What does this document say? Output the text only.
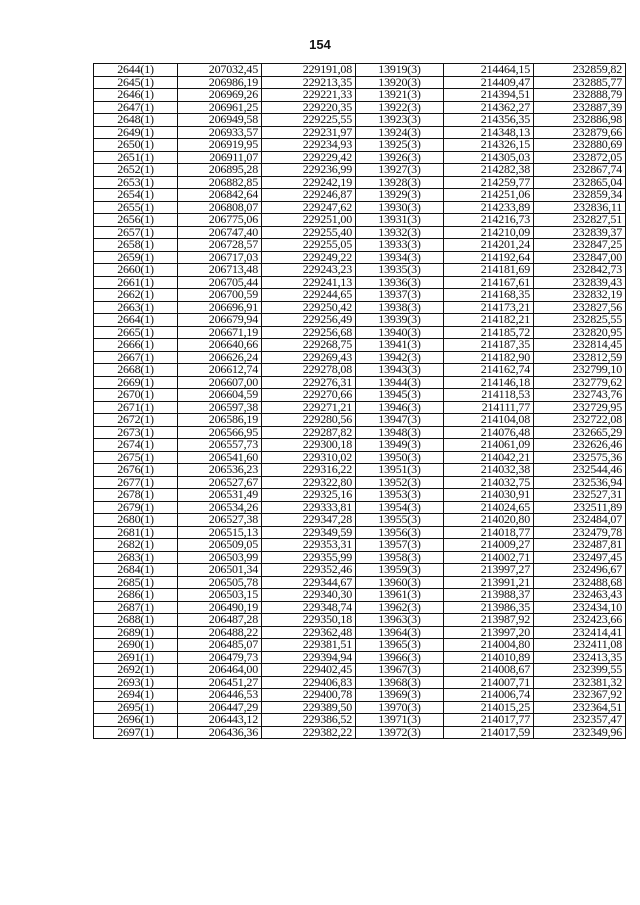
154
2644(1)	207032,45	229191,08	13919(3)	214464,15	232859,82
2645(1)	206986,19	229213,35	13920(3)	214409,47	232885,77
2646(1)	206969,26	229221,33	13921(3)	214394,51	232888,79
2647(1)	206961,25	229220,35	13922(3)	214362,27	232887,39
2648(1)	206949,58	229225,55	13923(3)	214356,35	232886,98
2649(1)	206933,57	229231,97	13924(3)	214348,13	232879,66
2650(1)	206919,95	229234,93	13925(3)	214326,15	232880,69
2651(1)	206911,07	229229,42	13926(3)	214305,03	232872,05
2652(1)	206895,28	229236,99	13927(3)	214282,38	232867,74
2653(1)	206882,85	229242,19	13928(3)	214259,77	232865,04
2654(1)	206842,64	229246,87	13929(3)	214251,06	232859,34
2655(1)	206808,07	229247,62	13930(3)	214233,89	232836,11
2656(1)	206775,06	229251,00	13931(3)	214216,73	232827,51
2657(1)	206747,40	229255,40	13932(3)	214210,09	232839,37
2658(1)	206728,57	229255,05	13933(3)	214201,24	232847,25
2659(1)	206717,03	229249,22	13934(3)	214192,64	232847,00
2660(1)	206713,48	229243,23	13935(3)	214181,69	232842,73
2661(1)	206705,44	229241,13	13936(3)	214167,61	232839,43
2662(1)	206700,59	229244,65	13937(3)	214168,35	232832,19
2663(1)	206696,91	229250,42	13938(3)	214173,21	232827,56
2664(1)	206679,94	229256,49	13939(3)	214182,21	232825,55
2665(1)	206671,19	229256,68	13940(3)	214185,72	232820,95
2666(1)	206640,66	229268,75	13941(3)	214187,35	232814,45
2667(1)	206626,24	229269,43	13942(3)	214182,90	232812,59
2668(1)	206612,74	229278,08	13943(3)	214162,74	232799,10
2669(1)	206607,00	229276,31	13944(3)	214146,18	232779,62
2670(1)	206604,59	229270,66	13945(3)	214118,53	232743,76
2671(1)	206597,38	229271,21	13946(3)	214111,77	232729,95
2672(1)	206586,19	229280,56	13947(3)	214104,08	232722,08
2673(1)	206566,95	229287,82	13948(3)	214076,48	232665,29
2674(1)	206557,73	229300,18	13949(3)	214061,09	232626,46
2675(1)	206541,60	229310,02	13950(3)	214042,21	232575,36
2676(1)	206536,23	229316,22	13951(3)	214032,38	232544,46
2677(1)	206527,67	229322,80	13952(3)	214032,75	232536,94
2678(1)	206531,49	229325,16	13953(3)	214030,91	232527,31
2679(1)	206534,26	229333,81	13954(3)	214024,65	232511,89
2680(1)	206527,38	229347,28	13955(3)	214020,80	232484,07
2681(1)	206515,13	229349,59	13956(3)	214018,77	232479,78
2682(1)	206509,05	229353,31	13957(3)	214009,27	232487,81
2683(1)	206503,99	229355,99	13958(3)	214002,71	232497,45
2684(1)	206501,34	229352,46	13959(3)	213997,27	232496,67
2685(1)	206505,78	229344,67	13960(3)	213991,21	232488,68
2686(1)	206503,15	229340,30	13961(3)	213988,37	232463,43
2687(1)	206490,19	229348,74	13962(3)	213986,35	232434,10
2688(1)	206487,28	229350,18	13963(3)	213987,92	232423,66
2689(1)	206488,22	229362,48	13964(3)	213997,20	232414,41
2690(1)	206485,07	229381,51	13965(3)	214004,80	232411,08
2691(1)	206479,73	229394,94	13966(3)	214010,89	232413,35
2692(1)	206464,00	229402,45	13967(3)	214008,67	232399,55
2693(1)	206451,27	229406,83	13968(3)	214007,71	232381,32
2694(1)	206446,53	229400,78	13969(3)	214006,74	232367,92
2695(1)	206447,29	229389,50	13970(3)	214015,25	232364,51
2696(1)	206443,12	229386,52	13971(3)	214017,77	232357,47
2697(1)	206436,36	229382,22	13972(3)	214017,59	232349,96
